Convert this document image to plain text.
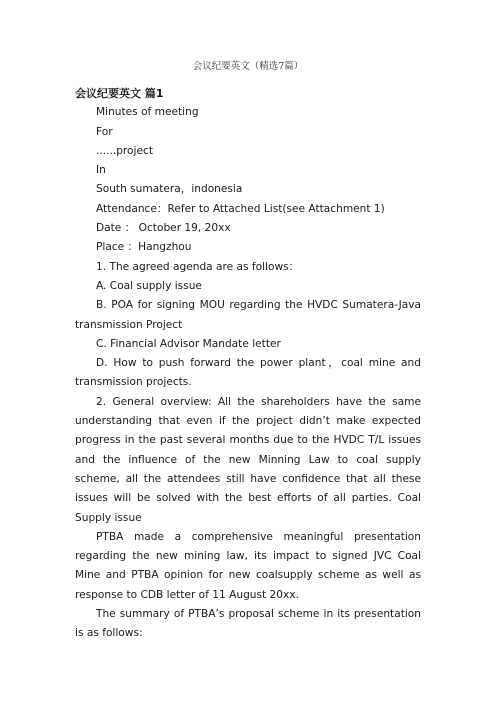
会议纪要英文（精选7篇）

会议纪要英文 篇1

Minutes of meeting

For

......project

In

South sumatera，indonesia

Attendance：Refer to Attached List(see Attachment 1)

Date ： October 19, 20xx

Place ：Hangzhou

1. The agreed agenda are as follows：

A. Coal supply issue

B. POA for signing MOU regarding the HVDC Sumatera-Java transmission Project

C. Financial Advisor Mandate letter

D. How to push forward the power plant，coal mine and transmission projects.

2. General overview: All the shareholders have the same understanding that even if the project didn’t make expected progress in the past several months due to the HVDC T/L issues and the influence of the new Minning Law to coal supply scheme, all the attendees still have confidence that all these issues will be solved with the best efforts of all parties. Coal Supply issue

PTBA made a comprehensive meaningful presentation regarding the new mining law, its impact to signed JVC Coal Mine and PTBA opinion for new coalsupply scheme as well as response to CDB letter of 11 August 20xx.

The summary of PTBA’s proposal scheme in its presentation is as follows:
